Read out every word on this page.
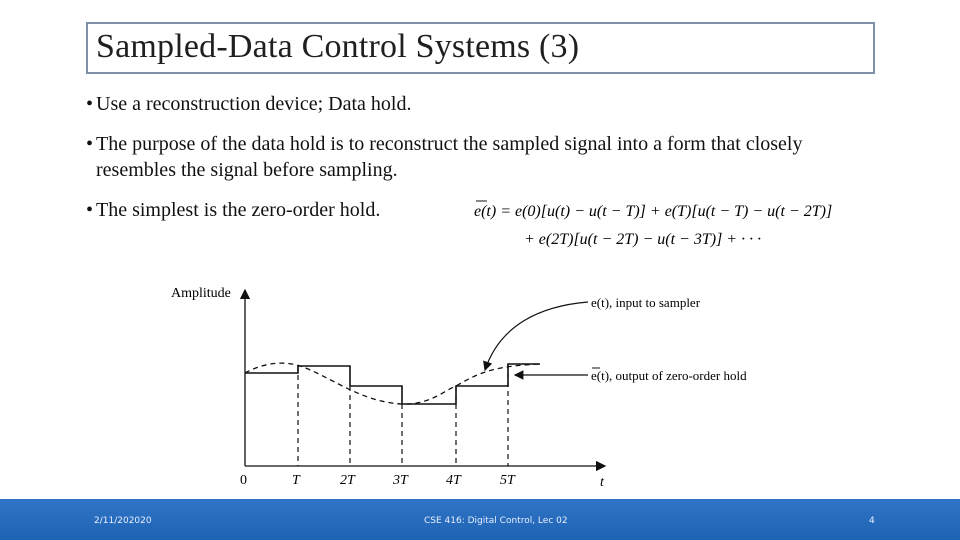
Sampled-Data Control Systems (3)
• Use a reconstruction device; Data hold.
• The purpose of the data hold is to reconstruct the sampled signal into a form that closely resembles the signal before sampling.
• The simplest is the zero-order hold.	e(t) = e(0)[u(t) − u(t − T)] + e(T)[u(t − T) − u(t − 2T)]
+ e(2T)[u(t − 2T) − u(t − 3T)] + · · ·
Amplitude
t
0	T	2T	3T	4T	5T
e(t), input to sampler
e(t), output of zero-order hold
2/11/202020	CSE 416: Digital Control, Lec 02	4
